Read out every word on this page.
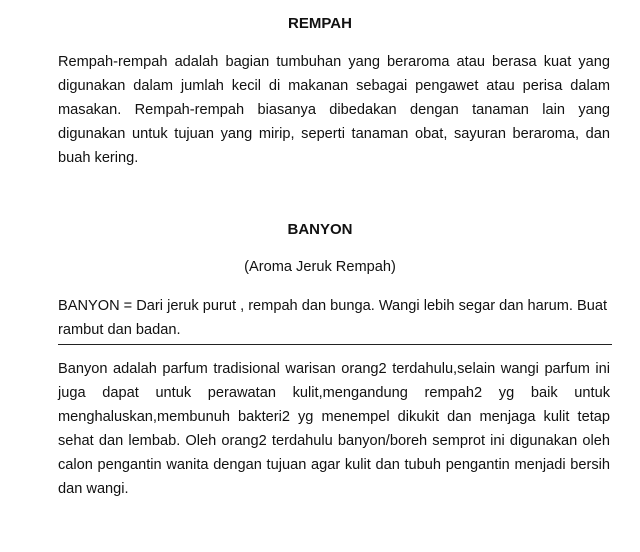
REMPAH

Rempah-rempah adalah bagian tumbuhan yang beraroma atau berasa kuat yang digunakan dalam jumlah kecil di makanan sebagai pengawet atau perisa dalam masakan. Rempah-rempah biasanya dibedakan dengan tanaman lain yang digunakan untuk tujuan yang mirip, seperti tanaman obat, sayuran beraroma, dan buah kering.

BANYON

(Aroma Jeruk Rempah)

BANYON = Dari jeruk purut , rempah dan bunga. Wangi lebih segar dan harum. Buat rambut dan badan.

Banyon adalah parfum tradisional warisan orang2 terdahulu,selain wangi parfum ini juga dapat untuk perawatan kulit,mengandung rempah2 yg baik untuk menghaluskan,membunuh bakteri2 yg menempel dikukit dan menjaga kulit tetap sehat dan lembab. Oleh orang2 terdahulu banyon/boreh semprot ini digunakan oleh calon pengantin wanita dengan tujuan agar kulit dan tubuh pengantin menjadi bersih dan wangi.
